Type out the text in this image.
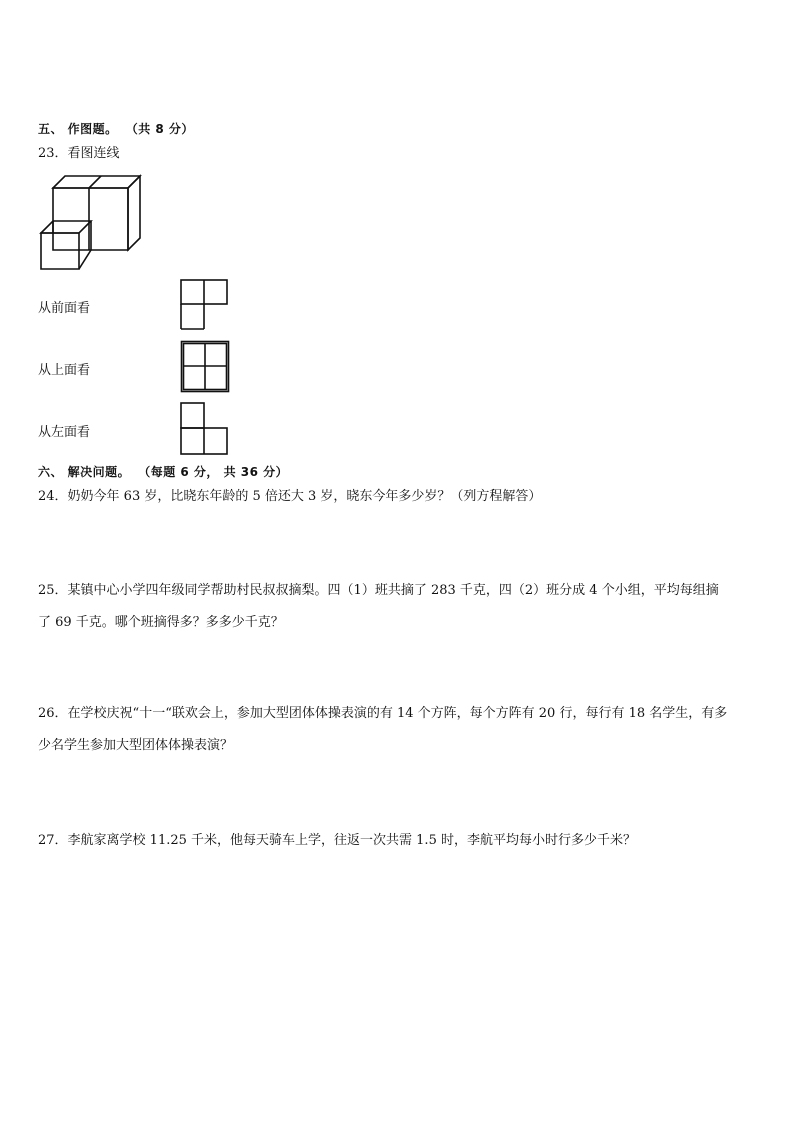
五、 作图题。 （共 8 分）
23．看图连线
从前面看
从上面看
从左面看
六、 解决问题。 （每题 6 分， 共 36 分）
24．奶奶今年 63 岁，比晓东年龄的 5 倍还大 3 岁，晓东今年多少岁？（列方程解答）
25．某镇中心小学四年级同学帮助村民叔叔摘梨。四（1）班共摘了 283 千克，四（2）班分成 4 个小组，平均每组摘
了 69 千克。哪个班摘得多？多多少千克？
26．在学校庆祝“十一“联欢会上，参加大型团体体操表演的有 14 个方阵，每个方阵有 20 行，每行有 18 名学生，有多
少名学生参加大型团体体操表演？
27．李航家离学校 11.25 千米，他每天骑车上学，往返一次共需 1.5 时，李航平均每小时行多少千米？
